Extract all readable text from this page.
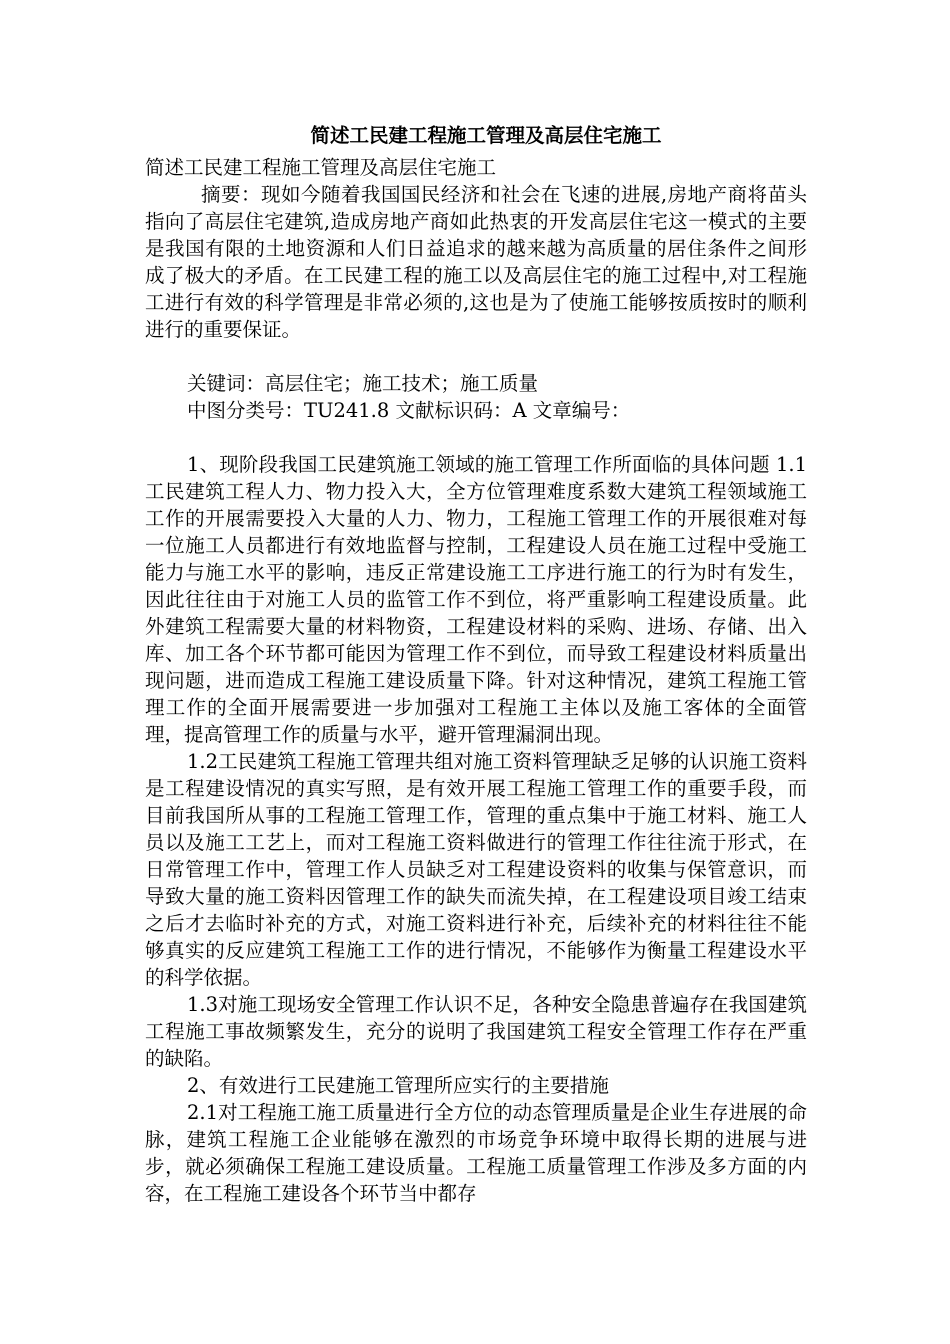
简述工民建工程施工管理及高层住宅施工

简述工民建工程施工管理及高层住宅施工

摘要：现如今随着我国国民经济和社会在飞速的进展,房地产商将苗头指向了高层住宅建筑,造成房地产商如此热衷的开发高层住宅这一模式的主要是我国有限的土地资源和人们日益追求的越来越为高质量的居住条件之间形成了极大的矛盾。在工民建工程的施工以及高层住宅的施工过程中,对工程施工进行有效的科学管理是非常必须的,这也是为了使施工能够按质按时的顺利进行的重要保证。

关键词：高层住宅；施工技术；施工质量

中图分类号：TU241.8 文献标识码：A 文章编号：

1、现阶段我国工民建筑施工领域的施工管理工作所面临的具体问题 1.1工民建筑工程人力、物力投入大，全方位管理难度系数大建筑工程领域施工工作的开展需要投入大量的人力、物力，工程施工管理工作的开展很难对每一位施工人员都进行有效地监督与控制，工程建设人员在施工过程中受施工能力与施工水平的影响，违反正常建设施工工序进行施工的行为时有发生，因此往往由于对施工人员的监管工作不到位，将严重影响工程建设质量。此外建筑工程需要大量的材料物资，工程建设材料的采购、进场、存储、出入库、加工各个环节都可能因为管理工作不到位，而导致工程建设材料质量出现问题，进而造成工程施工建设质量下降。针对这种情况，建筑工程施工管理工作的全面开展需要进一步加强对工程施工主体以及施工客体的全面管理，提高管理工作的质量与水平，避开管理漏洞出现。

1.2工民建筑工程施工管理共组对施工资料管理缺乏足够的认识施工资料是工程建设情况的真实写照，是有效开展工程施工管理工作的重要手段，而目前我国所从事的工程施工管理工作，管理的重点集中于施工材料、施工人员以及施工工艺上，而对工程施工资料做进行的管理工作往往流于形式，在日常管理工作中，管理工作人员缺乏对工程建设资料的收集与保管意识，而导致大量的施工资料因管理工作的缺失而流失掉，在工程建设项目竣工结束之后才去临时补充的方式，对施工资料进行补充，后续补充的材料往往不能够真实的反应建筑工程施工工作的进行情况，不能够作为衡量工程建设水平的科学依据。

1.3对施工现场安全管理工作认识不足，各种安全隐患普遍存在我国建筑工程施工事故频繁发生，充分的说明了我国建筑工程安全管理工作存在严重的缺陷。

2、有效进行工民建施工管理所应实行的主要措施

2.1对工程施工施工质量进行全方位的动态管理质量是企业生存进展的命脉，建筑工程施工企业能够在激烈的市场竞争环境中取得长期的进展与进步，就必须确保工程施工建设质量。工程施工质量管理工作涉及多方面的内容，在工程施工建设各个环节当中都存
